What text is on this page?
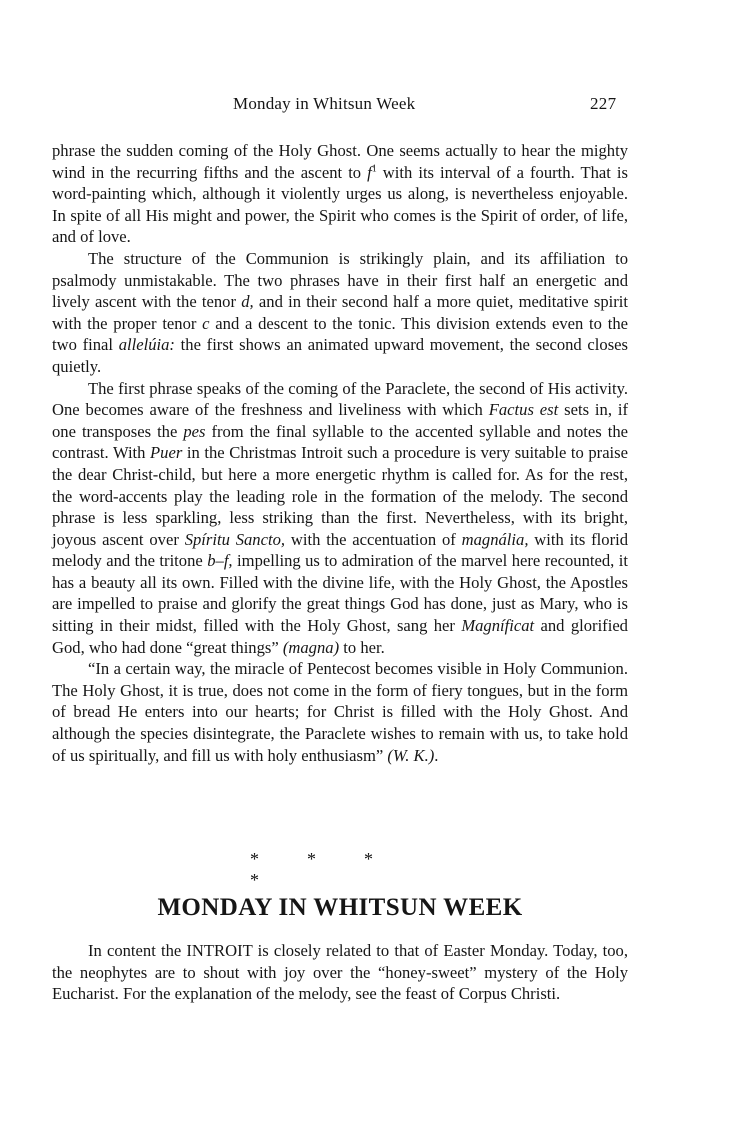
Monday in Whitsun Week	227

phrase the sudden coming of the Holy Ghost. One seems actually to hear the mighty wind in the recurring fifths and the ascent to $f^1$ with its interval of a fourth. That is word-painting which, although it violently urges us along, is nevertheless enjoyable. In spite of all His might and power, the Spirit who comes is the Spirit of order, of life, and of love.

The structure of the Communion is strikingly plain, and its affiliation to psalmody unmistakable. The two phrases have in their first half an energetic and lively ascent with the tenor d, and in their second half a more quiet, meditative spirit with the proper tenor c and a descent to the tonic. This division extends even to the two final allelúia: the first shows an animated upward movement, the second closes quietly.

The first phrase speaks of the coming of the Paraclete, the second of His activity. One becomes aware of the freshness and liveliness with which Factus est sets in, if one transposes the pes from the final syllable to the accented syllable and notes the contrast. With Puer in the Christmas Introit such a procedure is very suitable to praise the dear Christ-child, but here a more energetic rhythm is called for. As for the rest, the word-accents play the leading role in the formation of the melody. The second phrase is less sparkling, less striking than the first. Nevertheless, with its bright, joyous ascent over Spíritu Sancto, with the accentuation of magnália, with its florid melody and the tritone b–f, impelling us to admiration of the marvel here recounted, it has a beauty all its own. Filled with the divine life, with the Holy Ghost, the Apostles are impelled to praise and glorify the great things God has done, just as Mary, who is sitting in their midst, filled with the Holy Ghost, sang her Magníficat and glorified God, who had done “great things” (magna) to her.

“In a certain way, the miracle of Pentecost becomes visible in Holy Communion. The Holy Ghost, it is true, does not come in the form of fiery tongues, but in the form of bread He enters into our hearts; for Christ is filled with the Holy Ghost. And although the species disintegrate, the Paraclete wishes to remain with us, to take hold of us spiritually, and fill us with holy enthusiasm” (W. K.).

*	*	**
MONDAY IN WHITSUN WEEK

In content the INTROIT is closely related to that of Easter Monday. Today, too, the neophytes are to shout with joy over the “honey-sweet” mystery of the Holy Eucharist. For the explanation of the melody, see the feast of Corpus Christi.
